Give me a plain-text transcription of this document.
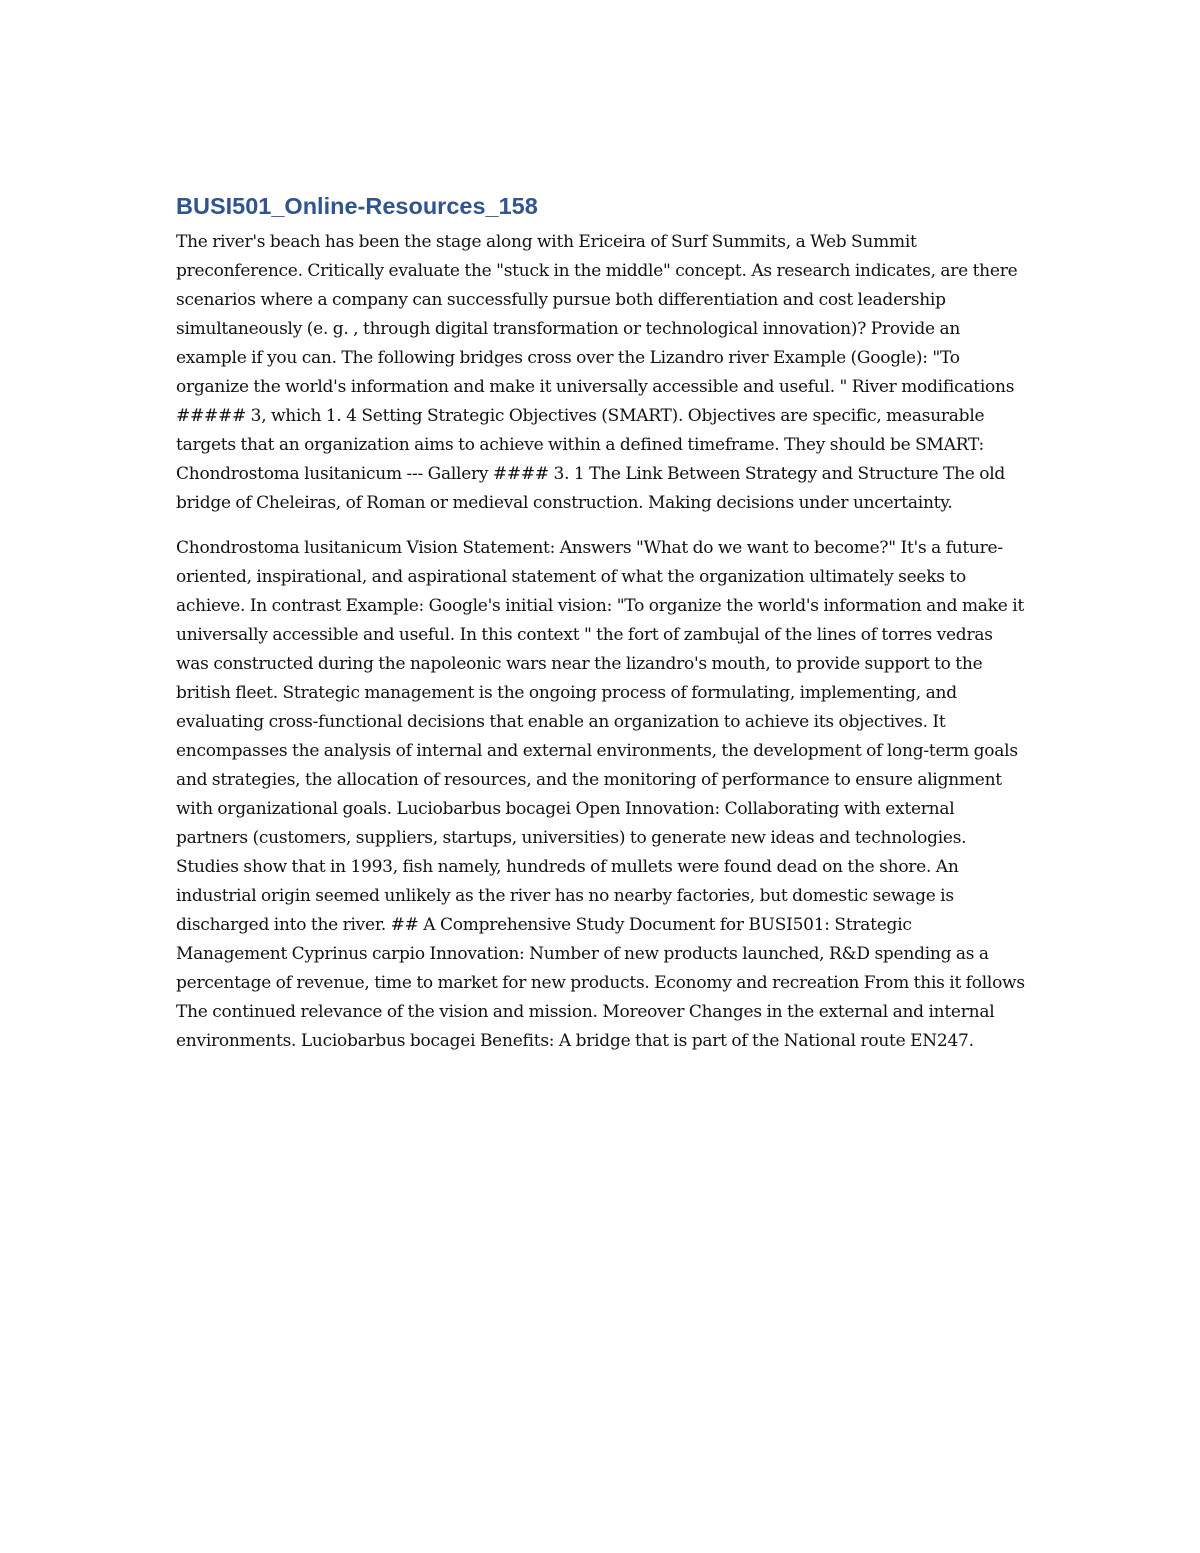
BUSI501_Online-Resources_158

The river's beach has been the stage along with Ericeira of Surf Summits, a Web Summit preconference. Critically evaluate the "stuck in the middle" concept. As research indicates, are there scenarios where a company can successfully pursue both differentiation and cost leadership simultaneously (e. g. , through digital transformation or technological innovation)? Provide an example if you can. The following bridges cross over the Lizandro river Example (Google): "To organize the world's information and make it universally accessible and useful. " River modifications ##### 3, which 1. 4 Setting Strategic Objectives (SMART). Objectives are specific, measurable targets that an organization aims to achieve within a defined timeframe. They should be SMART: Chondrostoma lusitanicum --- Gallery #### 3. 1 The Link Between Strategy and Structure The old bridge of Cheleiras, of Roman or medieval construction. Making decisions under uncertainty.

Chondrostoma lusitanicum Vision Statement: Answers "What do we want to become?" It's a future-oriented, inspirational, and aspirational statement of what the organization ultimately seeks to achieve. In contrast Example: Google's initial vision: "To organize the world's information and make it universally accessible and useful. In this context " the fort of zambujal of the lines of torres vedras was constructed during the napoleonic wars near the lizandro's mouth, to provide support to the british fleet. Strategic management is the ongoing process of formulating, implementing, and evaluating cross-functional decisions that enable an organization to achieve its objectives. It encompasses the analysis of internal and external environments, the development of long-term goals and strategies, the allocation of resources, and the monitoring of performance to ensure alignment with organizational goals. Luciobarbus bocagei Open Innovation: Collaborating with external partners (customers, suppliers, startups, universities) to generate new ideas and technologies. Studies show that in 1993, fish namely, hundreds of mullets were found dead on the shore. An industrial origin seemed unlikely as the river has no nearby factories, but domestic sewage is discharged into the river. ## A Comprehensive Study Document for BUSI501: Strategic Management Cyprinus carpio Innovation: Number of new products launched, R&D spending as a percentage of revenue, time to market for new products. Economy and recreation From this it follows The continued relevance of the vision and mission. Moreover Changes in the external and internal environments. Luciobarbus bocagei Benefits: A bridge that is part of the National route EN247.
